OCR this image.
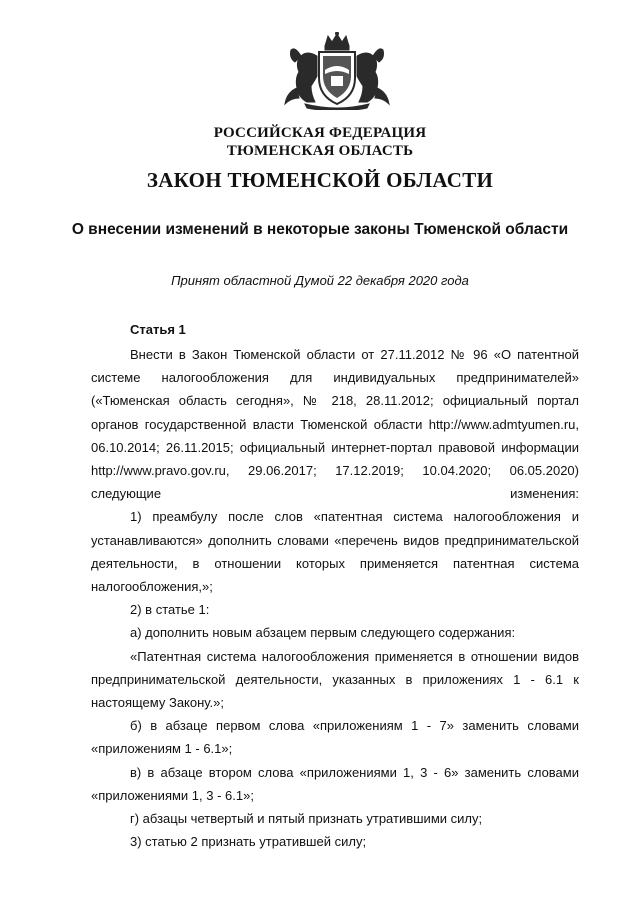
РОССИЙСКАЯ ФЕДЕРАЦИЯ
ТЮМЕНСКАЯ ОБЛАСТЬ
ЗАКОН ТЮМЕНСКОЙ ОБЛАСТИ
О внесении изменений в некоторые законы Тюменской области
Принят областной Думой 22 декабря 2020 года
Статья 1

Внести в Закон Тюменской области от 27.11.2012 № 96 «О патентной системе налогообложения для индивидуальных предпринимателей» («Тюменская область сегодня», № 218, 28.11.2012; официальный портал органов государственной власти Тюменской области http://www.admtyumen.ru, 06.10.2014; 26.11.2015; официальный интернет-портал правовой информации http://www.pravo.gov.ru, 29.06.2017; 17.12.2019; 10.04.2020; 06.05.2020) следующие изменения:

1) преамбулу после слов «патентная система налогообложения и устанавливаются» дополнить словами «перечень видов предпринимательской деятельности, в отношении которых применяется патентная система налогообложения,»;

2) в статье 1:

а) дополнить новым абзацем первым следующего содержания:

«Патентная система налогообложения применяется в отношении видов предпринимательской деятельности, указанных в приложениях 1 - 6.1 к настоящему Закону.»;

б) в абзаце первом слова «приложениям 1 - 7» заменить словами «приложениям 1 - 6.1»;

в) в абзаце втором слова «приложениями 1, 3 - 6» заменить словами «приложениями 1, 3 - 6.1»;

г) абзацы четвертый и пятый признать утратившими силу;

3) статью 2 признать утратившей силу;
